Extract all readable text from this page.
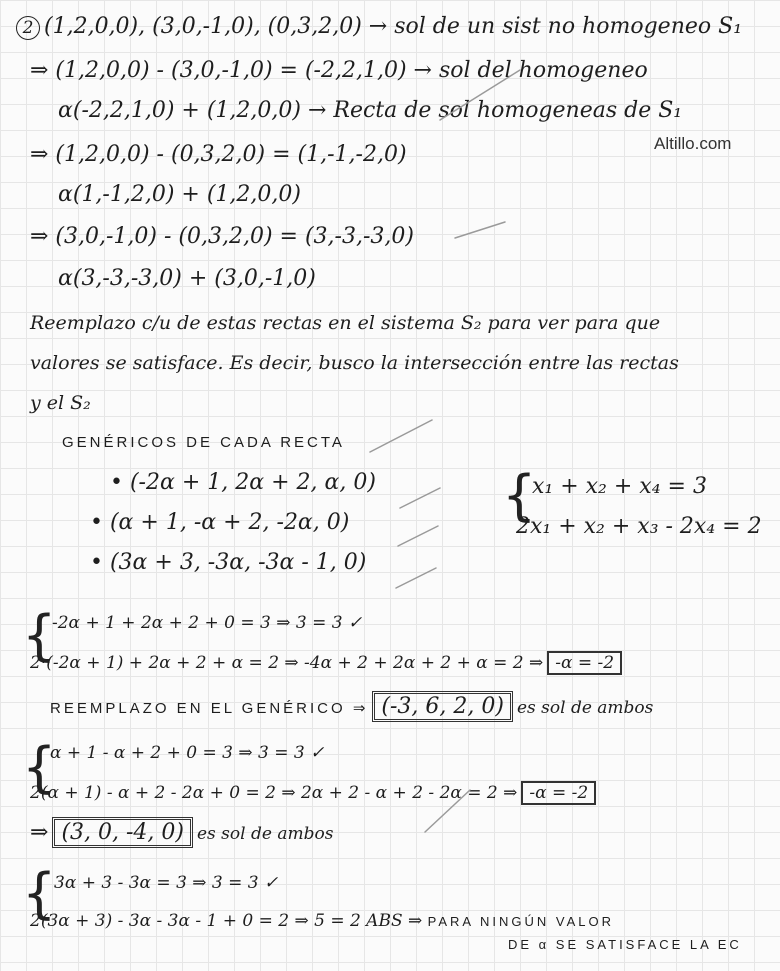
Altillo.com
2 (1,2,0,0), (3,0,-1,0), (0,3,2,0) → sol de un sist no homogeneo S₁
⇒ (1,2,0,0) - (3,0,-1,0) = (-2,2,1,0) → sol del homogeneo
α(-2,2,1,0) + (1,2,0,0) → Recta de sol homogeneas de S₁
⇒ (1,2,0,0) - (0,3,2,0) = (1,-1,-2,0)
α(1,-1,2,0) + (1,2,0,0)
⇒ (3,0,-1,0) - (0,3,2,0) = (3,-3,-3,0)
α(3,-3,-3,0) + (3,0,-1,0)
Reemplazo c/u de estas rectas en el sistema S₂ para ver para que
valores se satisface. Es decir, busco la intersección entre las rectas
y el S₂
GENÉRICOS DE CADA RECTA
• (-2α + 1, 2α + 2, α, 0)
• (α + 1, -α + 2, -2α, 0)
• (3α + 3, -3α, -3α - 1, 0)
{
x₁ + x₂ + x₄ = 3
2x₁ + x₂ + x₃ - 2x₄ = 2
{
-2α + 1 + 2α + 2 + 0 = 3 ⇒ 3 = 3 ✓
2·(-2α + 1) + 2α + 2 + α = 2 ⇒ -4α + 2 + 2α + 2 + α = 2 ⇒ -α = -2
REEMPLAZO EN EL GENÉRICO ⇒ (-3, 6, 2, 0) es sol de ambos
{
α + 1 - α + 2 + 0 = 3 ⇒ 3 = 3 ✓
2(α + 1) - α + 2 - 2α + 0 = 2 ⇒ 2α + 2 - α + 2 - 2α = 2 ⇒ -α = -2
⇒ (3, 0, -4, 0) es sol de ambos
{
3α + 3 - 3α = 3 ⇒ 3 = 3 ✓
2(3α + 3) - 3α - 3α - 1 + 0 = 2 ⇒ 5 = 2 ABS ⇒ PARA NINGÚN VALOR
DE α SE SATISFACE LA EC
